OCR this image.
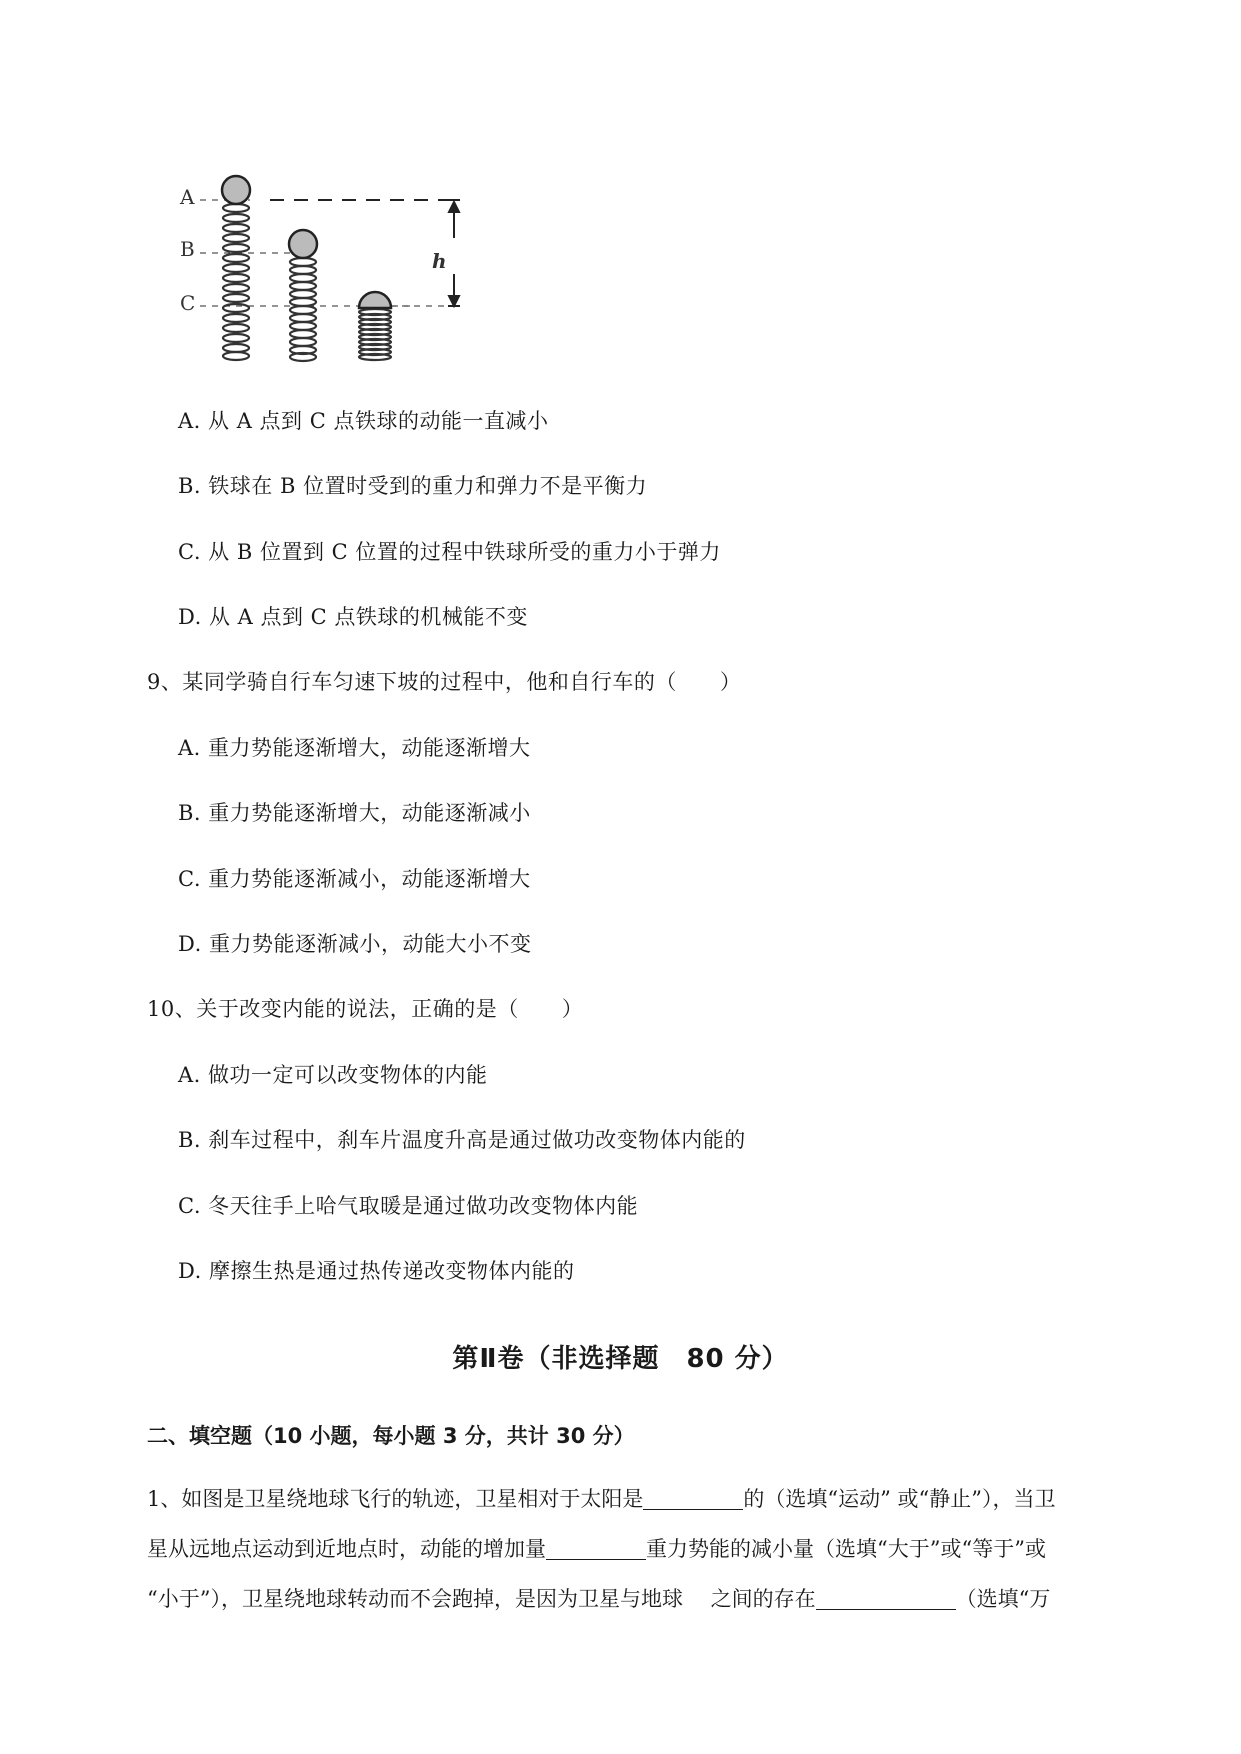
A
B
C
h
A. 从 A 点到 C 点铁球的动能一直减小
B. 铁球在 B 位置时受到的重力和弹力不是平衡力
C. 从 B 位置到 C 位置的过程中铁球所受的重力小于弹力
D. 从 A 点到 C 点铁球的机械能不变
9、某同学骑自行车匀速下坡的过程中，他和自行车的（　　）
A. 重力势能逐渐增大，动能逐渐增大
B. 重力势能逐渐增大，动能逐渐减小
C. 重力势能逐渐减小，动能逐渐增大
D. 重力势能逐渐减小，动能大小不变
10、关于改变内能的说法，正确的是（　　）
A. 做功一定可以改变物体的内能
B. 刹车过程中，刹车片温度升高是通过做功改变物体内能的
C. 冬天往手上哈气取暖是通过做功改变物体内能
D. 摩擦生热是通过热传递改变物体内能的
第Ⅱ卷（非选择题　80 分）
二、填空题（10 小题，每小题 3 分，共计 30 分）
1、如图是卫星绕地球飞行的轨迹，卫星相对于太阳是	的（选填“运动” 或“静止”），当卫
星从远地点运动到近地点时，动能的增加量	重力势能的减小量（选填“大于”或“等于”或
“小于”），卫星绕地球转动而不会跑掉，是因为卫星与地球　 之间的存在	（选填“万
